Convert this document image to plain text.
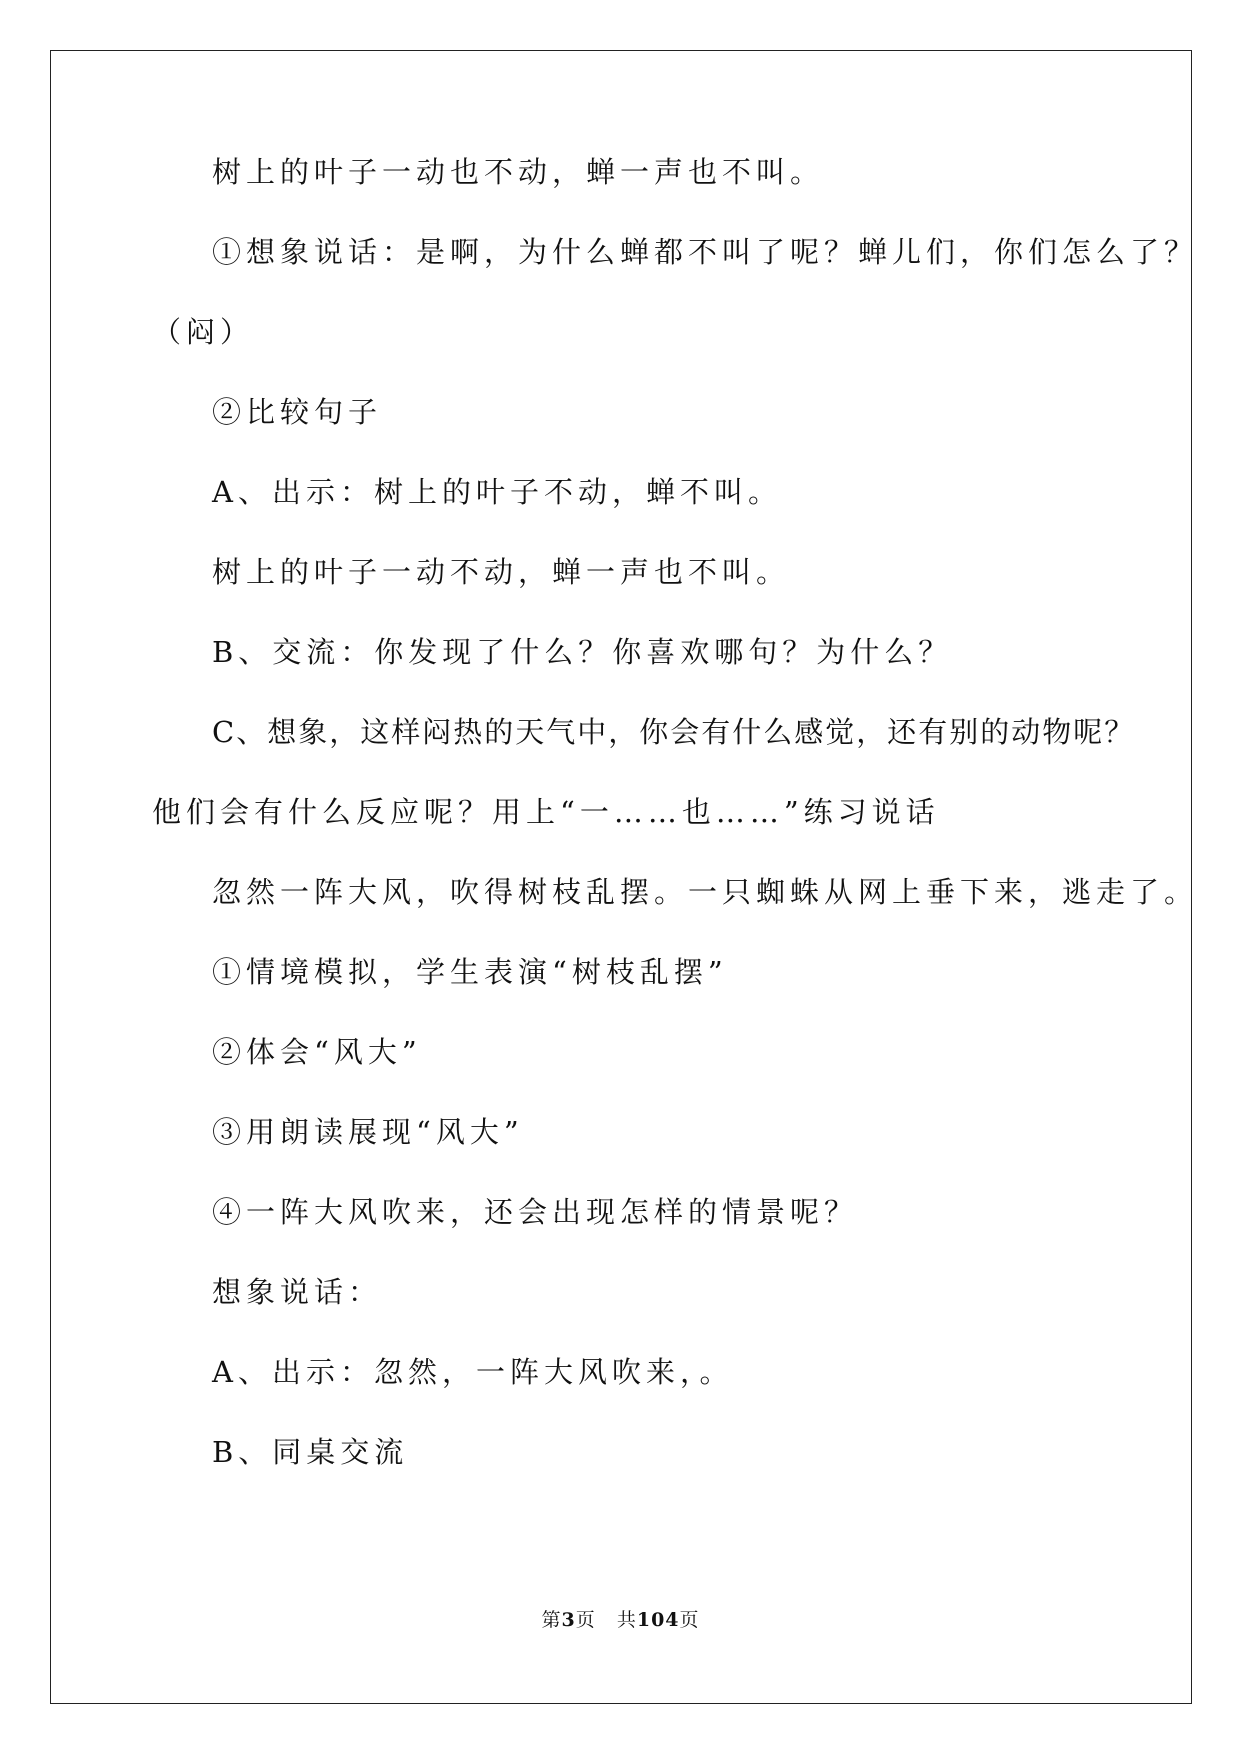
树上的叶子一动也不动，蝉一声也不叫。
①想象说话：是啊，为什么蝉都不叫了呢？蝉儿们，你们怎么了？
（闷）
②比较句子
A、出示：树上的叶子不动，蝉不叫。
树上的叶子一动不动，蝉一声也不叫。
B、交流：你发现了什么？你喜欢哪句？为什么？
C、想象，这样闷热的天气中，你会有什么感觉，还有别的动物呢？
他们会有什么反应呢？用上“一……也……”练习说话
忽然一阵大风，吹得树枝乱摆。一只蜘蛛从网上垂下来，逃走了。
①情境模拟，学生表演“树枝乱摆”
②体会“风大”
③用朗读展现“风大”
④一阵大风吹来，还会出现怎样的情景呢？
想象说话：
A、出示：忽然，一阵大风吹来，。
B、同桌交流
第3页 共104页
